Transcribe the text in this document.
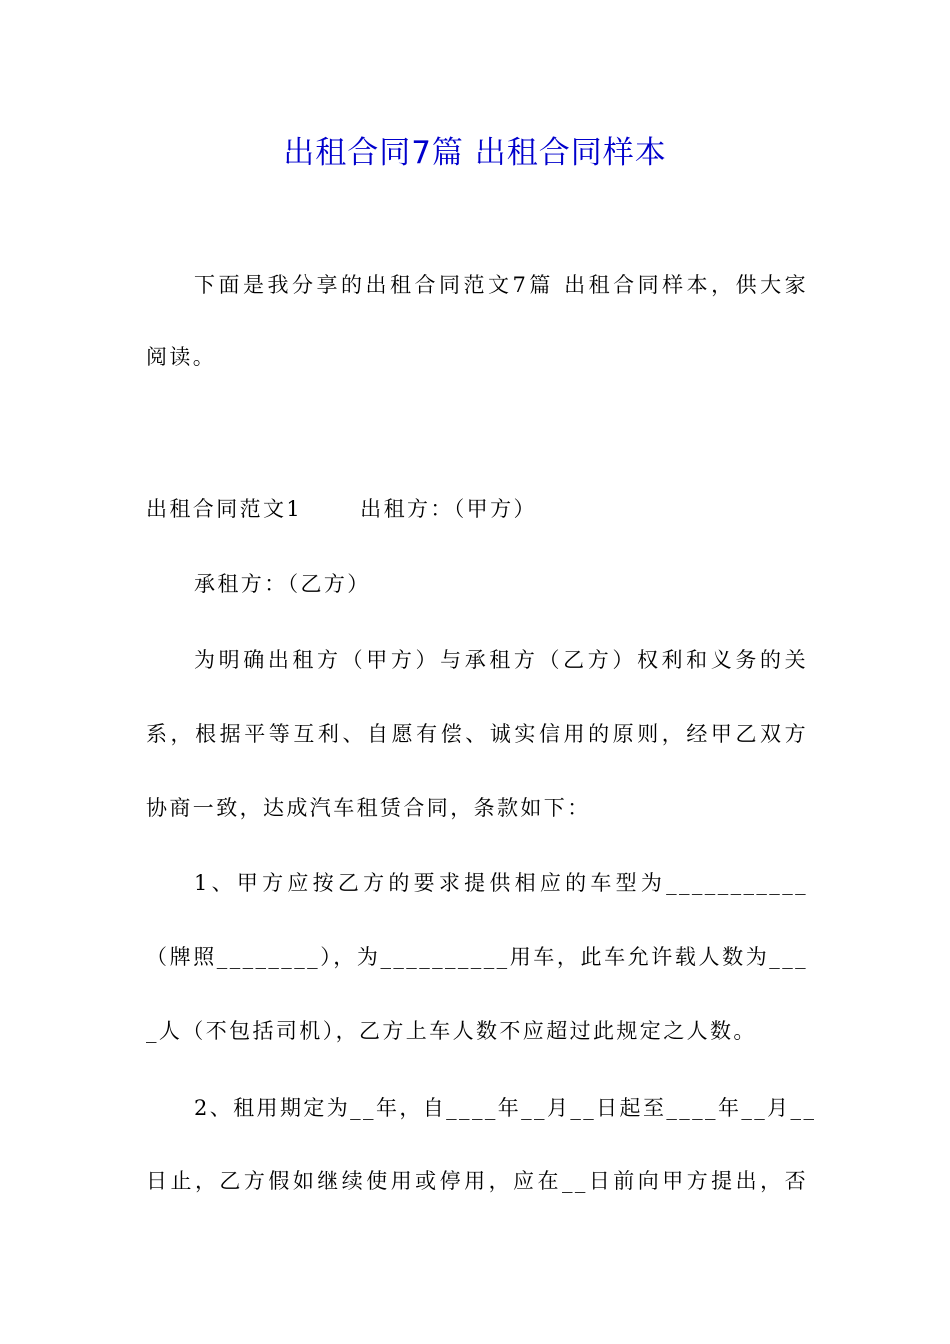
出租合同7篇 出租合同样本

下面是我分享的出租合同范文7篇 出租合同样本，供大家

阅读。

出租合同范文1	出租方：（甲方）

承租方：（乙方）

为明确出租方（甲方）与承租方（乙方）权利和义务的关

系，根据平等互利、自愿有偿、诚实信用的原则，经甲乙双方

协商一致，达成汽车租赁合同，条款如下：

1、甲方应按乙方的要求提供相应的车型为___________

（牌照________），为__________用车，此车允许载人数为___

_人（不包括司机），乙方上车人数不应超过此规定之人数。

2、租用期定为__年，自____年__月__日起至____年__月__

日止，乙方假如继续使用或停用，应在__日前向甲方提出，否
